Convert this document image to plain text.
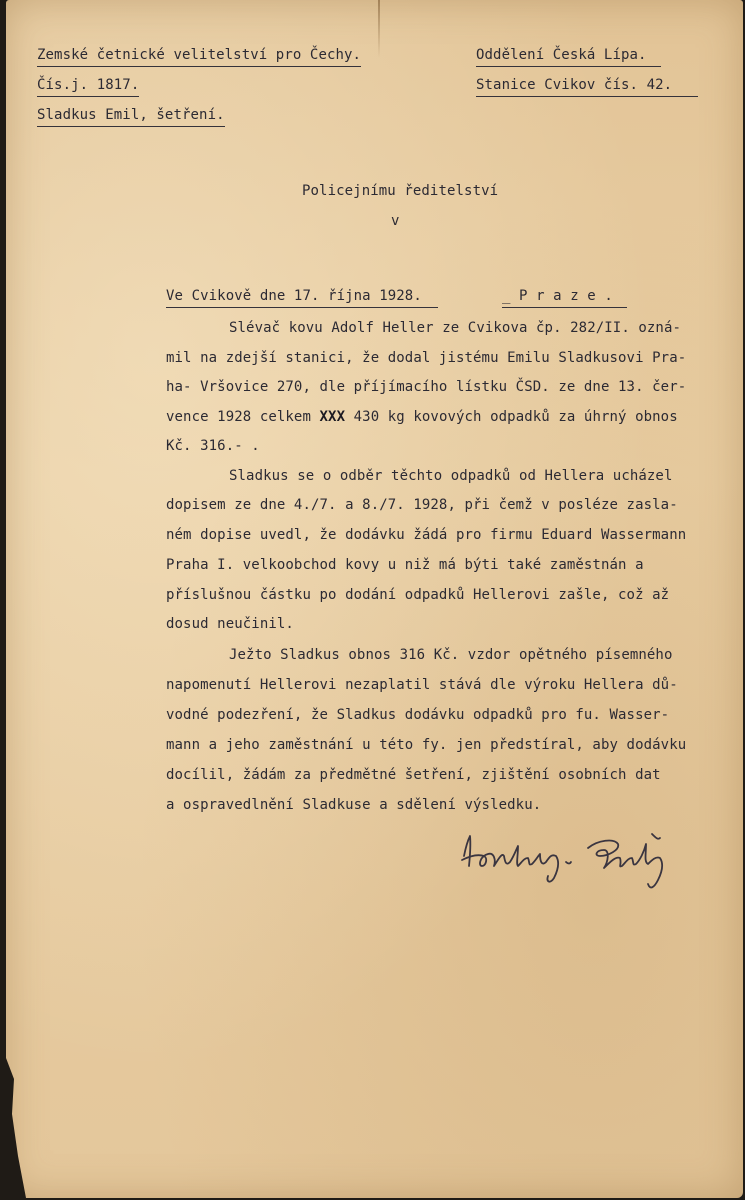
Zemské četnické velitelství pro Čechy.
Čís.j. 1817.
Sladkus Emil, šetření.
Oddělení Česká Lípa.
Stanice Cvikov čís. 42.
Policejnímu ředitelství
v
Ve Cvikově dne 17. října 1928.	_ P r a z e .
Slévač kovu Adolf Heller ze Cvikova čp. 282/II. ozná-
mil na zdejší stanici, že dodal jistému Emilu Sladkusovi Pra-
ha- Vršovice 270, dle příjímacího lístku ČSD. ze dne 13. čer-
vence 1928 celkem XXX 430 kg kovových odpadků za úhrný obnos
Kč. 316.- .
Sladkus se o odběr těchto odpadků od Hellera ucházel
dopisem ze dne 4./7. a 8./7. 1928, při čemž v posléze zasla-
ném dopise uvedl, že dodávku žádá pro firmu Eduard Wassermann
Praha I. velkoobchod kovy u niž má býti také zaměstnán a
příslušnou částku po dodání odpadků Hellerovi zašle, což až
dosud neučinil.
Ježto Sladkus obnos 316 Kč. vzdor opětného písemného
napomenutí Hellerovi nezaplatil stává dle výroku Hellera dů-
vodné podezření, že Sladkus dodávku odpadků pro fu. Wasser-
mann a jeho zaměstnání u této fy. jen předstíral, aby dodávku
docílil, žádám za předmětné šetření, zjištění osobních dat
a ospravedlnění Sladkuse a sdělení výsledku.
